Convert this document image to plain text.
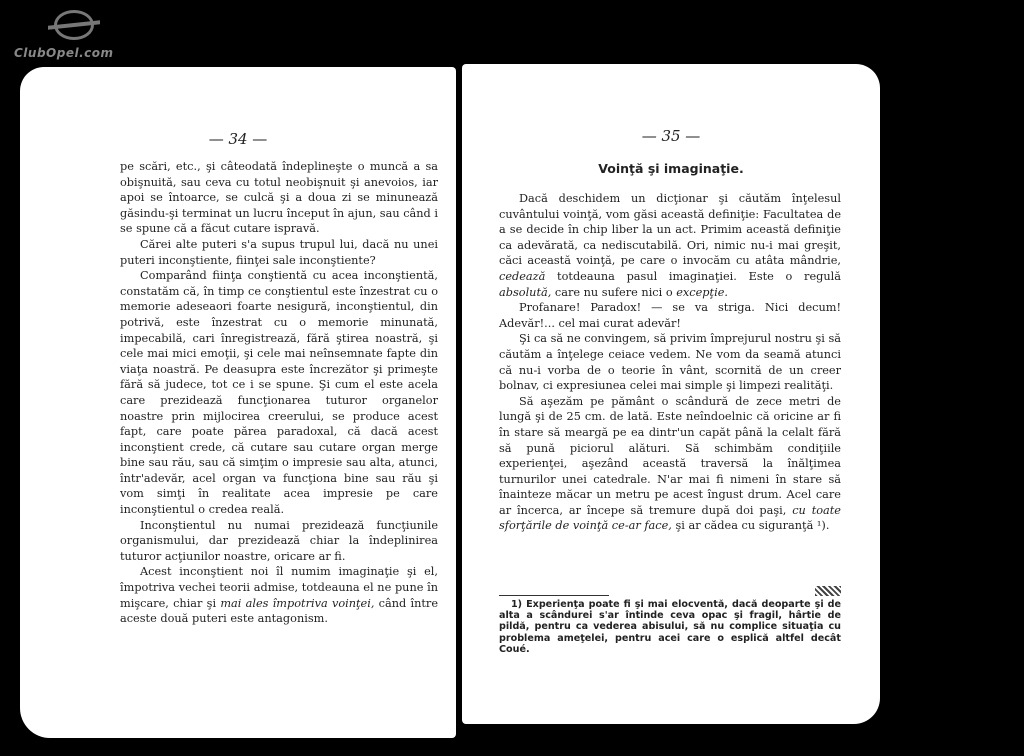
ClubOpel.com
— 34 —

pe scări, etc., şi câteodată îndeplineşte o muncă a sa obişnuită, sau ceva cu totul neobişnuit şi anevoios, iar apoi se întoarce, se culcă şi a doua zi se minunează găsindu-şi terminat un lucru început în ajun, sau când i se spune că a făcut cutare ispravă.

Cărei alte puteri s'a supus trupul lui, dacă nu unei puteri inconştiente, fiinţei sale inconştiente?

Comparând fiinţa conştientă cu acea inconştientă, constatăm că, în timp ce conştientul este înzestrat cu o memorie adeseaori foarte nesigură, inconştientul, din potrivă, este înzestrat cu o memorie minunată, impecabilă, cari înregistrează, fără ştirea noastră, şi cele mai mici emoţii, şi cele mai neînsemnate fapte din viaţa noastră. Pe deasupra este încrezător şi primeşte fără să judece, tot ce i se spune. Şi cum el este acela care prezidează funcţionarea tuturor organelor noastre prin mijlocirea creerului, se produce acest fapt, care poate părea paradoxal, că dacă acest inconştient crede, că cutare sau cutare organ merge bine sau rău, sau că simţim o impresie sau alta, atunci, într'adevăr, acel organ va funcţiona bine sau rău şi vom simţi în realitate acea impresie pe care inconştientul o credea reală.

Inconştientul nu numai prezidează funcţiunile organismului, dar prezidează chiar la îndeplinirea tuturor acţiunilor noastre, oricare ar fi.

Acest inconştient noi îl numim imaginaţie şi el, împotriva vechei teorii admise, totdeauna el ne pune în mişcare, chiar şi mai ales împotriva voinţei, când între aceste două puteri este antagonism.

— 35 —
Voinţă şi imaginaţie.

Dacă deschidem un dicţionar şi căutăm înţelesul cuvântului voinţă, vom găsi această definiţie: Facultatea de a se decide în chip liber la un act. Primim această definiţie ca adevărată, ca nediscutabilă. Ori, nimic nu-i mai greşit, căci această voinţă, pe care o invocăm cu atâta mândrie, cedează totdeauna pasul imaginaţiei. Este o regulă absolută, care nu sufere nici o excepţie.

Profanare! Paradox! — se va striga. Nici decum! Adevăr!... cel mai curat adevăr!

Şi ca să ne convingem, să privim împrejurul nostru şi să căutăm a înţelege ceiace vedem. Ne vom da seamă atunci că nu-i vorba de o teorie în vânt, scornită de un creer bolnav, ci expresiunea celei mai simple şi limpezi realităţi.

Să aşezăm pe pământ o scândură de zece metri de lungă şi de 25 cm. de lată. Este neîndoelnic că oricine ar fi în stare să meargă pe ea dintr'un capăt până la celalt fără să pună piciorul alături. Să schimbăm condiţiile experienţei, aşezând această traversă la înălţimea turnurilor unei catedrale. N'ar mai fi nimeni în stare să înainteze măcar un metru pe acest îngust drum. Acel care ar încerca, ar începe să tremure după doi paşi, cu toate sforţările de voinţă ce-ar face, şi ar cădea cu siguranţă ¹).

1) Experienţa poate fi şi mai elocventă, dacă deoparte şi de alta a scândurei s'ar întinde ceva opac şi fragil, hârtie de pildă, pentru ca vederea abisului, să nu complice situaţia cu problema ameţelei, pentru acei care o esplică altfel decât Coué.
